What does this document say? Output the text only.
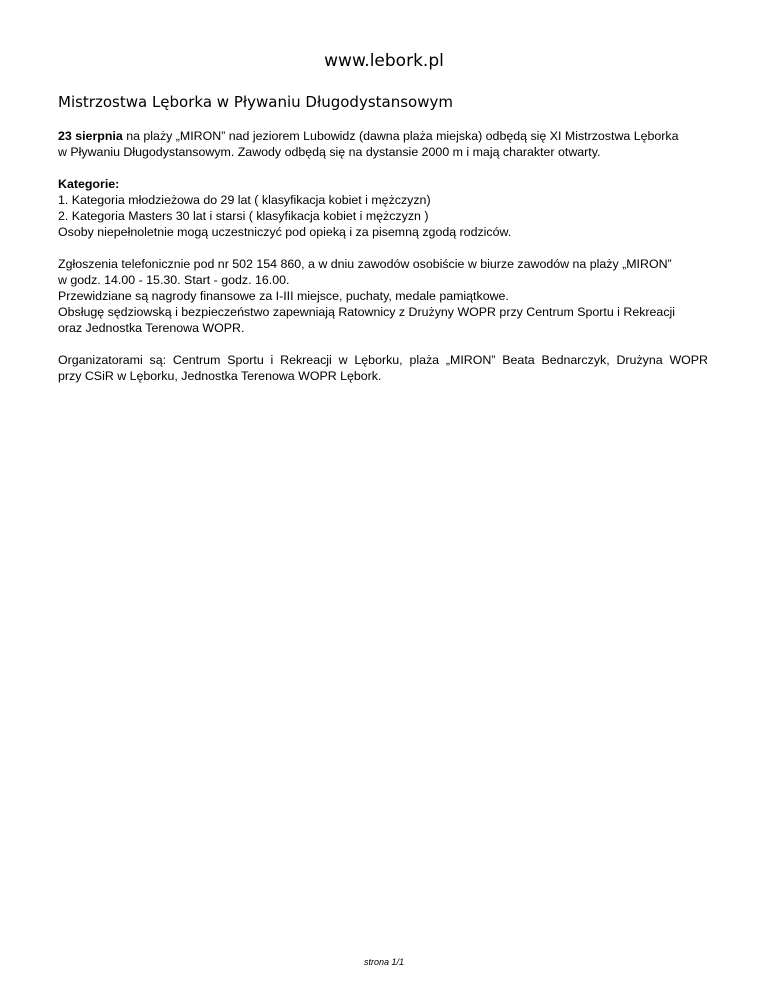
www.lebork.pl
Mistrzostwa Lęborka w Pływaniu Długodystansowym

23 sierpnia na plaży „MIRON” nad jeziorem Lubowidz (dawna plaża miejska) odbędą się XI Mistrzostwa Lęborka
w Pływaniu Długodystansowym. Zawody odbędą się na dystansie 2000 m i mają charakter otwarty.

Kategorie:
1. Kategoria młodzieżowa do 29 lat ( klasyfikacja kobiet i mężczyzn)
2. Kategoria Masters 30 lat i starsi ( klasyfikacja kobiet i mężczyzn )
Osoby niepełnoletnie mogą uczestniczyć pod opieką i za pisemną zgodą rodziców.

Zgłoszenia telefonicznie pod nr 502 154 860, a w dniu zawodów osobiście w biurze zawodów na plaży „MIRON”
w godz. 14.00 - 15.30. Start - godz. 16.00.
Przewidziane są nagrody finansowe za I-III miejsce, puchaty, medale pamiątkowe.
Obsługę sędziowską i bezpieczeństwo zapewniają Ratownicy z Drużyny WOPR przy Centrum Sportu i Rekreacji
oraz Jednostka Terenowa WOPR.

Organizatorami są: Centrum Sportu i Rekreacji w Lęborku, plaża „MIRON” Beata Bednarczyk, Drużyna WOPR
przy CSiR w Lęborku, Jednostka Terenowa WOPR Lębork.

strona 1/1
